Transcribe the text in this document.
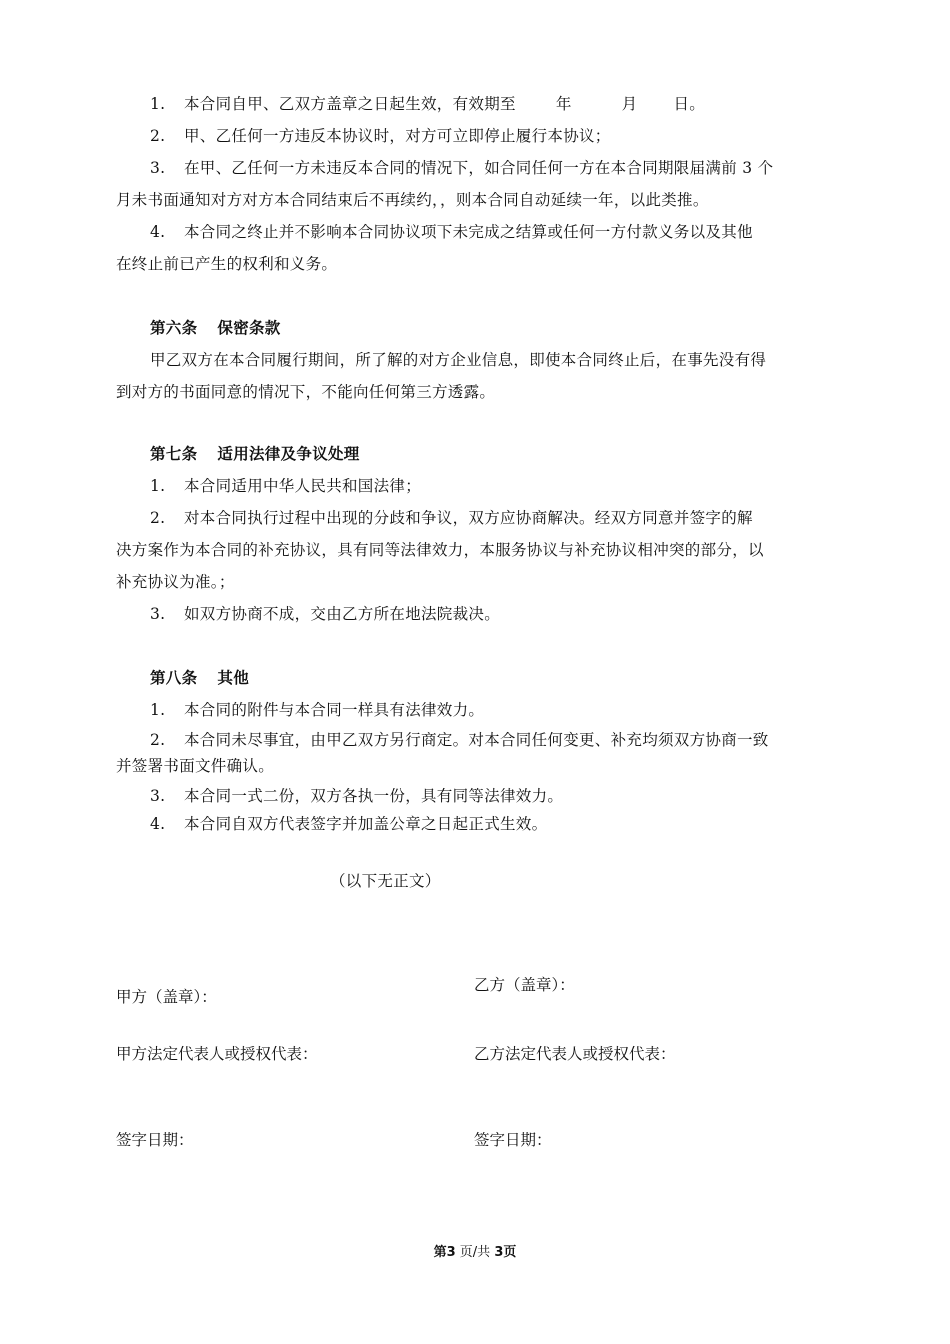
1. 本合同自甲、乙双方盖章之日起生效，有效期至	年	月 日。
2. 甲、乙任何一方违反本协议时，对方可立即停止履行本协议；
3. 在甲、乙任何一方未违反本合同的情况下，如合同任何一方在本合同期限届满前 3 个
月未书面通知对方对方本合同结束后不再续约，，则本合同自动延续一年，以此类推。
4. 本合同之终止并不影响本合同协议项下未完成之结算或任何一方付款义务以及其他
在终止前已产生的权利和义务。
第六条 保密条款
甲乙双方在本合同履行期间，所了解的对方企业信息，即使本合同终止后，在事先没有得
到对方的书面同意的情况下，不能向任何第三方透露。
第七条 适用法律及争议处理
1. 本合同适用中华人民共和国法律；
2. 对本合同执行过程中出现的分歧和争议，双方应协商解决。经双方同意并签字的解
决方案作为本合同的补充协议，具有同等法律效力，本服务协议与补充协议相冲突的部分，以
补充协议为准。；
3. 如双方协商不成，交由乙方所在地法院裁决。
第八条 其他
1. 本合同的附件与本合同一样具有法律效力。
2. 本合同未尽事宜，由甲乙双方另行商定。对本合同任何变更、补充均须双方协商一致
并签署书面文件确认。
3. 本合同一式二份，双方各执一份，具有同等法律效力。
4. 本合同自双方代表签字并加盖公章之日起正式生效。
（以下无正文）
甲方（盖章）：
乙方（盖章）：
甲方法定代表人或授权代表：	乙方法定代表人或授权代表：
签字日期：	签字日期：
第3 页/共 3页
